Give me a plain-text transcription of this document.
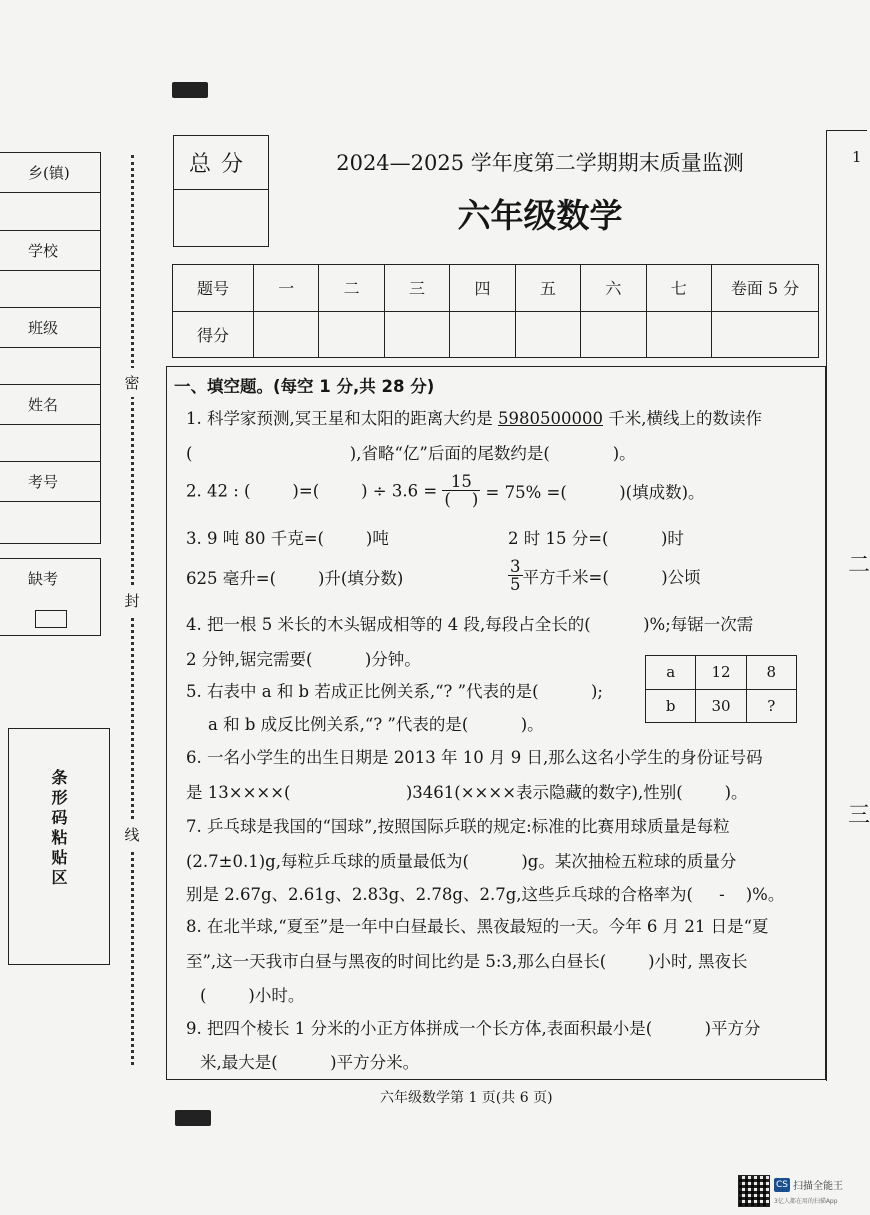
乡(镇)
学校
班级
姓名
考号
缺考
条形码粘贴区
密
封
线
总分	2024—2025 学年度第二学期期末质量监测
六年级数学
题号	一	二	三	四	五	六	七	卷面 5 分
得分								
1
二
三
一、填空题。(每空 1 分,共 28 分)
1. 科学家预测,冥王星和太阳的距离大约是 5980500000 千米,横线上的数读作
(                              ),省略“亿”后面的尾数约是(            )。
2. 42 : (        )=(        ) ÷ $3.6 = \frac{15}{( )} = 75\%$ =(          )(填成数)。
3. 9 吨 80 千克=(        )吨	2 时 15 分=(          )时
625 毫升=(        )升(填分数)	$\frac{3}{5}$ 平方千米=(          )公顷
4. 把一根 5 米长的木头锯成相等的 4 段,每段占全长的(          )%;每锯一次需
2 分钟,锯完需要(          )分钟。
5. 右表中 a 和 b 若成正比例关系,“? ”代表的是(          );
a 和 b 成反比例关系,“? ”代表的是(          )。
a	12	8
b	30	?
6. 一名小学生的出生日期是 2013 年 10 月 9 日,那么这名小学生的身份证号码
是 13××××(                      )3461(××××表示隐藏的数字),性别(        )。
7. 乒乓球是我国的“国球”,按照国际乒联的规定:标准的比赛用球质量是每粒
(2.7±0.1)g,每粒乒乓球的质量最低为(          )g。某次抽检五粒球的质量分
别是 2.67g、2.61g、2.83g、2.78g、2.7g,这些乒乓球的合格率为(     -    )%。
8. 在北半球,“夏至”是一年中白昼最长、黑夜最短的一天。今年 6 月 21 日是“夏
至”,这一天我市白昼与黑夜的时间比约是 5:3,那么白昼长(        )小时, 黑夜长
(        )小时。
9. 把四个棱长 1 分米的小正方体拼成一个长方体,表面积最小是(          )平方分
米,最大是(          )平方分米。
六年级数学第 1 页(共 6 页)
CS 扫描全能王
3亿人都在用的扫描App
